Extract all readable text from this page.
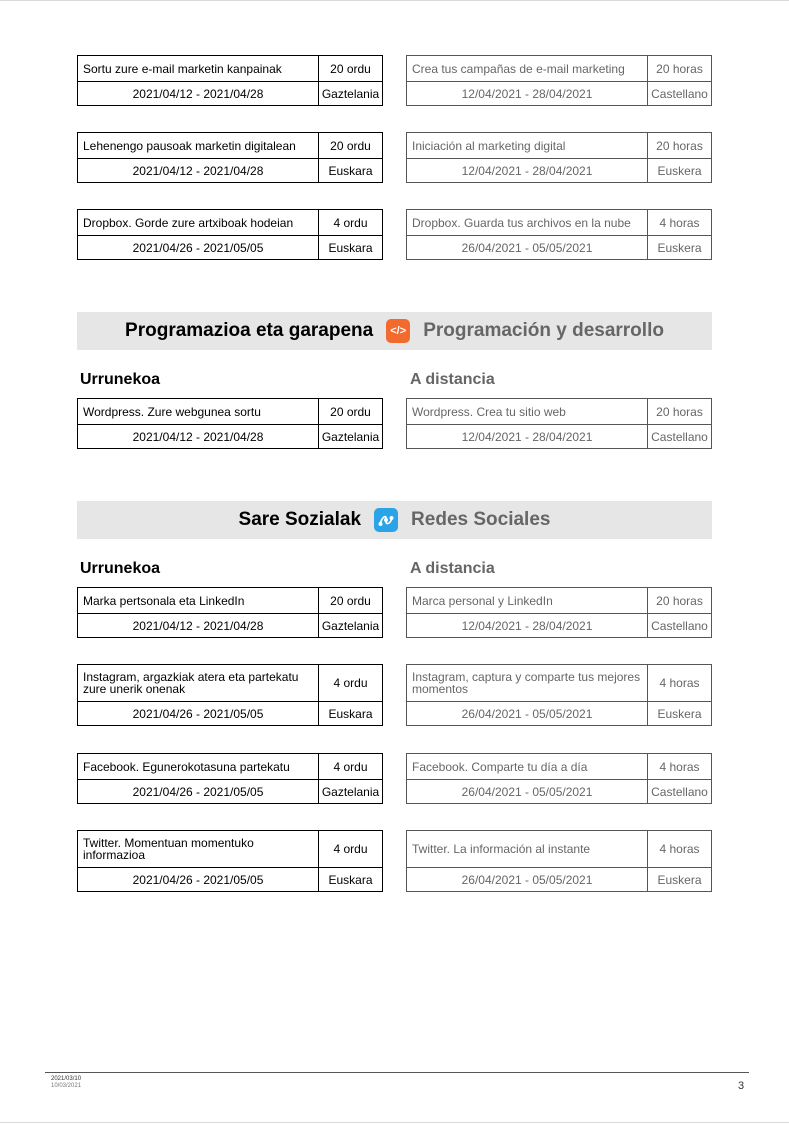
Sortu zure e-mail marketin kanpainak	20 ordu
2021/04/12 - 2021/04/28	Gaztelania
Crea tus campañas de e-mail marketing	20 horas
12/04/2021 - 28/04/2021	Castellano
Lehenengo pausoak marketin digitalean	20 ordu
2021/04/12 - 2021/04/28	Euskara
Iniciación al marketing digital	20 horas
12/04/2021 - 28/04/2021	Euskera
Dropbox. Gorde zure artxiboak hodeian	4 ordu
2021/04/26 - 2021/05/05	Euskara
Dropbox. Guarda tus archivos en la nube	4 horas
26/04/2021 - 05/05/2021	Euskera
Programazioa eta garapena	</> Programación y desarrollo
Urrunekoa	A distancia
Wordpress. Zure webgunea sortu	20 ordu
2021/04/12 - 2021/04/28	Gaztelania
Wordpress. Crea tu sitio web	20 horas
12/04/2021 - 28/04/2021	Castellano
Sare Sozialak	Redes Sociales
Urrunekoa	A distancia
Marka pertsonala eta LinkedIn	20 ordu
2021/04/12 - 2021/04/28	Gaztelania
Marca personal y LinkedIn	20 horas
12/04/2021 - 28/04/2021	Castellano
Instagram, argazkiak atera eta partekatu zure unerik onenak	4 ordu
2021/04/26 - 2021/05/05	Euskara
Instagram, captura y comparte tus mejores momentos	4 horas
26/04/2021 - 05/05/2021	Euskera
Facebook. Egunerokotasuna partekatu	4 ordu
2021/04/26 - 2021/05/05	Gaztelania
Facebook. Comparte tu día a día	4 horas
26/04/2021 - 05/05/2021	Castellano
Twitter. Momentuan momentuko informazioa	4 ordu
2021/04/26 - 2021/05/05	Euskara
Twitter. La información al instante	4 horas
26/04/2021 - 05/05/2021	Euskera
2021/03/10
10/03/2021	3
